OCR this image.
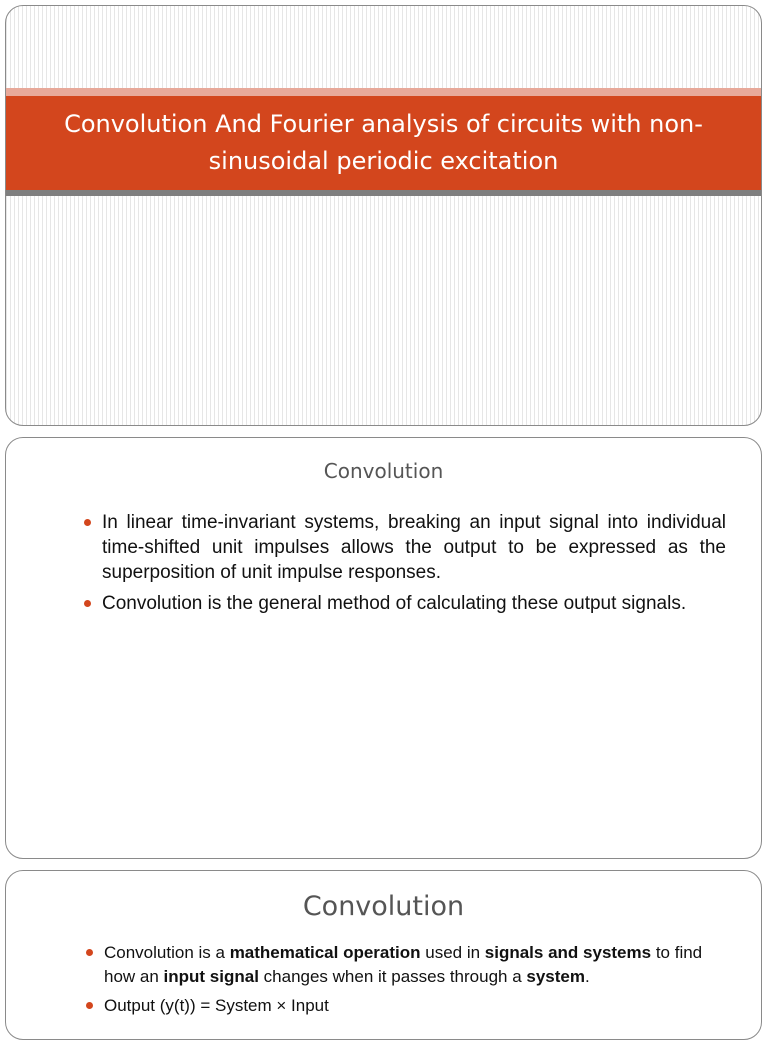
Convolution And Fourier analysis of circuits with non-sinusoidal periodic excitation
Convolution
In linear time-invariant systems, breaking an input signal into individual time-shifted unit impulses allows the output to be expressed as the superposition of unit impulse responses.
Convolution is the general method of calculating these output signals.
Convolution
Convolution is a mathematical operation used in signals and systems to find how an input signal changes when it passes through a system.
Output (y(t)) = System × Input
